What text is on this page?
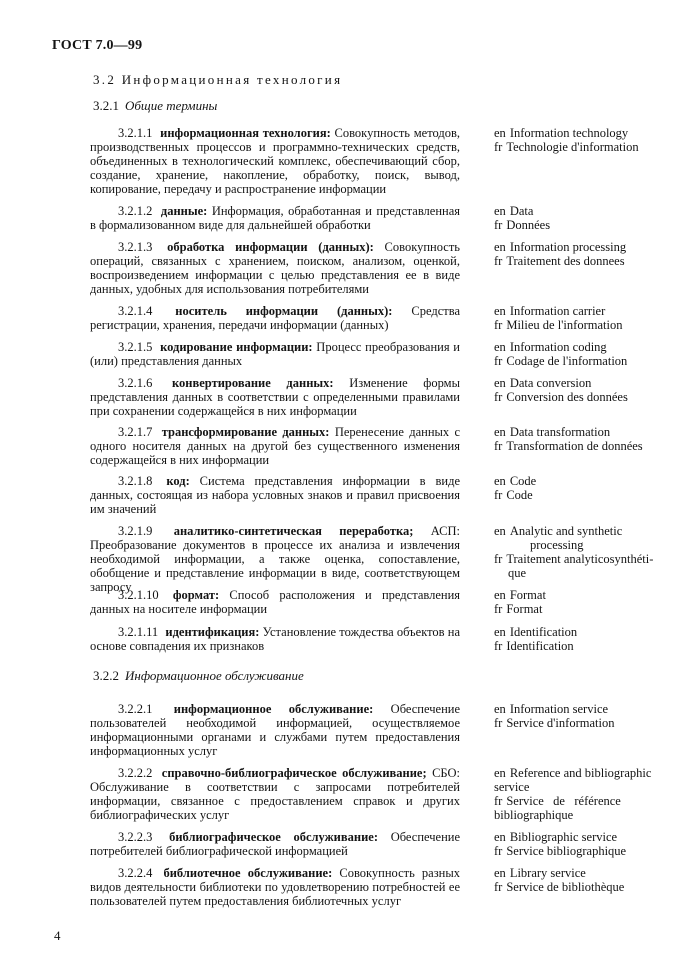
ГОСТ 7.0—99
3.2 Информационная технология
3.2.1 Общие термины
3.2.1.1 информационная технология: Совокупность методов, производственных процессов и программно-технических средств, объединенных в технологический комплекс, обеспечивающий сбор, создание, хранение, накопление, обработку, поиск, вывод, копирование, передачу и распространение информации
en Information technology
fr Technologie d'information
3.2.1.2 данные: Информация, обработанная и представленная в формализованном виде для дальнейшей обработки
en Data
fr Données
3.2.1.3 обработка информации (данных): Совокупность операций, связанных с хранением, поиском, анализом, оценкой, воспроизведением информации с целью представления ее в виде данных, удобных для использования потребителями
en Information processing
fr Traitement des donnees
3.2.1.4 носитель информации (данных): Средства регистрации, хранения, передачи информации (данных)
en Information carrier
fr Milieu de l'information
3.2.1.5 кодирование информации: Процесс преобразования и (или) представления данных
en Information coding
fr Codage de l'information
3.2.1.6 конвертирование данных: Изменение формы представления данных в соответствии с определенными правилами при сохранении содержащейся в них информации
en Data conversion
fr Conversion des données
3.2.1.7 трансформирование данных: Перенесение данных с одного носителя данных на другой без существенного изменения содержащейся в них информации
en Data transformation
fr Transformation de données
3.2.1.8 код: Система представления информации в виде данных, состоящая из набора условных знаков и правил присвоения им значений
en Code
fr Code
3.2.1.9 аналитико-синтетическая переработка; АСП: Преобразование документов в процессе их анализа и извлечения необходимой информации, а также оценка, сопоставление, обобщение и представление информации в виде, соответствующем запросу
en Analytic and synthetic
processing
fr Traitement analyticosynthéti-
que
3.2.1.10 формат: Способ расположения и представления данных на носителе информации
en Format
fr Format
3.2.1.11 идентификация: Установление тождества объектов на основе совпадения их признаков
en Identification
fr Identification
3.2.2 Информационное обслуживание
3.2.2.1 информационное обслуживание: Обеспечение пользователей необходимой информацией, осуществляемое информационными органами и службами путем предоставления информационных услуг
en Information service
fr Service d'information
3.2.2.2 справочно-библиографическое обслуживание; СБО: Обслуживание в соответствии с запросами потребителей информации, связанное с предоставлением справок и других библиографических услуг
en Reference and bibliographic
service
fr Service   de   référence
bibliographique
3.2.2.3 библиографическое обслуживание: Обеспечение потребителей библиографической информацией
en Bibliographic service
fr Service bibliographique
3.2.2.4 библиотечное обслуживание: Совокупность разных видов деятельности библиотеки по удовлетворению потребностей ее пользователей путем предоставления библиотечных услуг
en Library service
fr Service de bibliothèque
4
